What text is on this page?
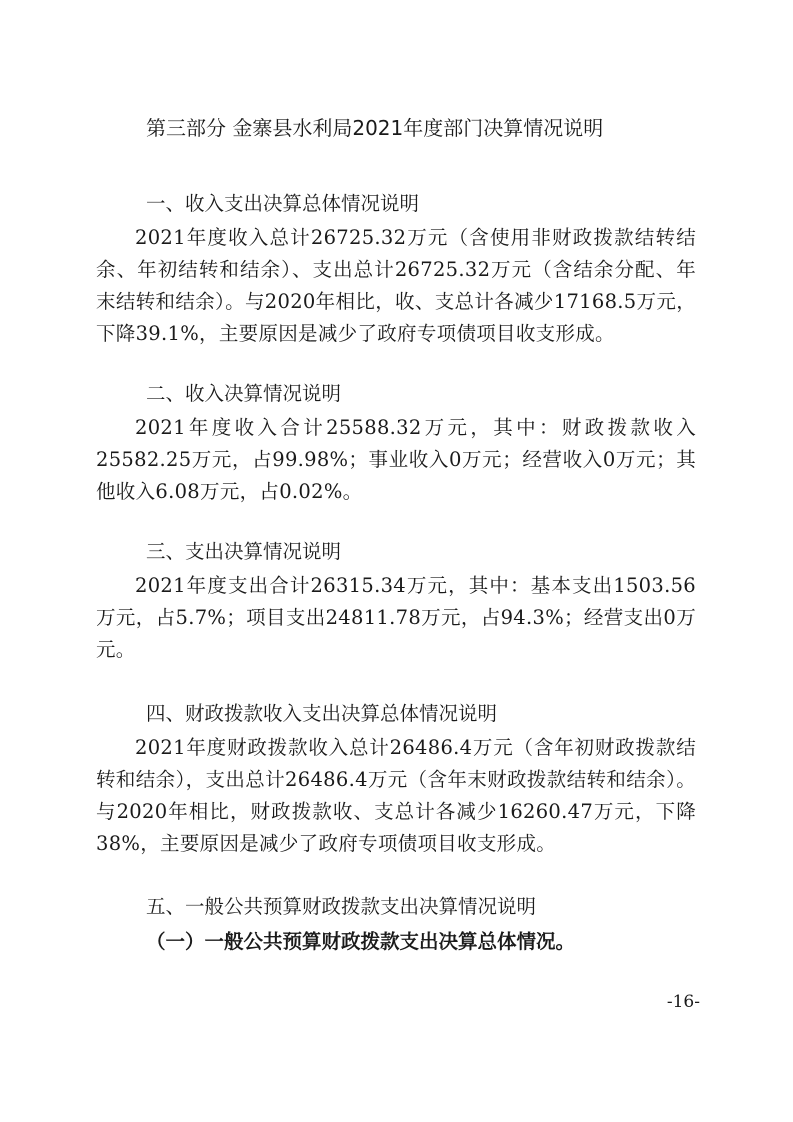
第三部分 金寨县水利局2021年度部门决算情况说明
一、收入支出决算总体情况说明
2021年度收入总计26725.32万元（含使用非财政拨款结转结余、年初结转和结余）、支出总计26725.32万元（含结余分配、年末结转和结余）。与2020年相比，收、支总计各减少17168.5万元，下降39.1%，主要原因是减少了政府专项债项目收支形成。
二、收入决算情况说明
2021年度收入合计25588.32万元，其中：财政拨款收入25582.25万元，占99.98%；事业收入0万元；经营收入0万元；其他收入6.08万元，占0.02%。
三、支出决算情况说明
2021年度支出合计26315.34万元，其中：基本支出1503.56万元，占5.7%；项目支出24811.78万元，占94.3%；经营支出0万元。
四、财政拨款收入支出决算总体情况说明
2021年度财政拨款收入总计26486.4万元（含年初财政拨款结转和结余），支出总计26486.4万元（含年末财政拨款结转和结余）。与2020年相比，财政拨款收、支总计各减少16260.47万元，下降38%，主要原因是减少了政府专项债项目收支形成。
五、一般公共预算财政拨款支出决算情况说明
（一）一般公共预算财政拨款支出决算总体情况。
-16-
